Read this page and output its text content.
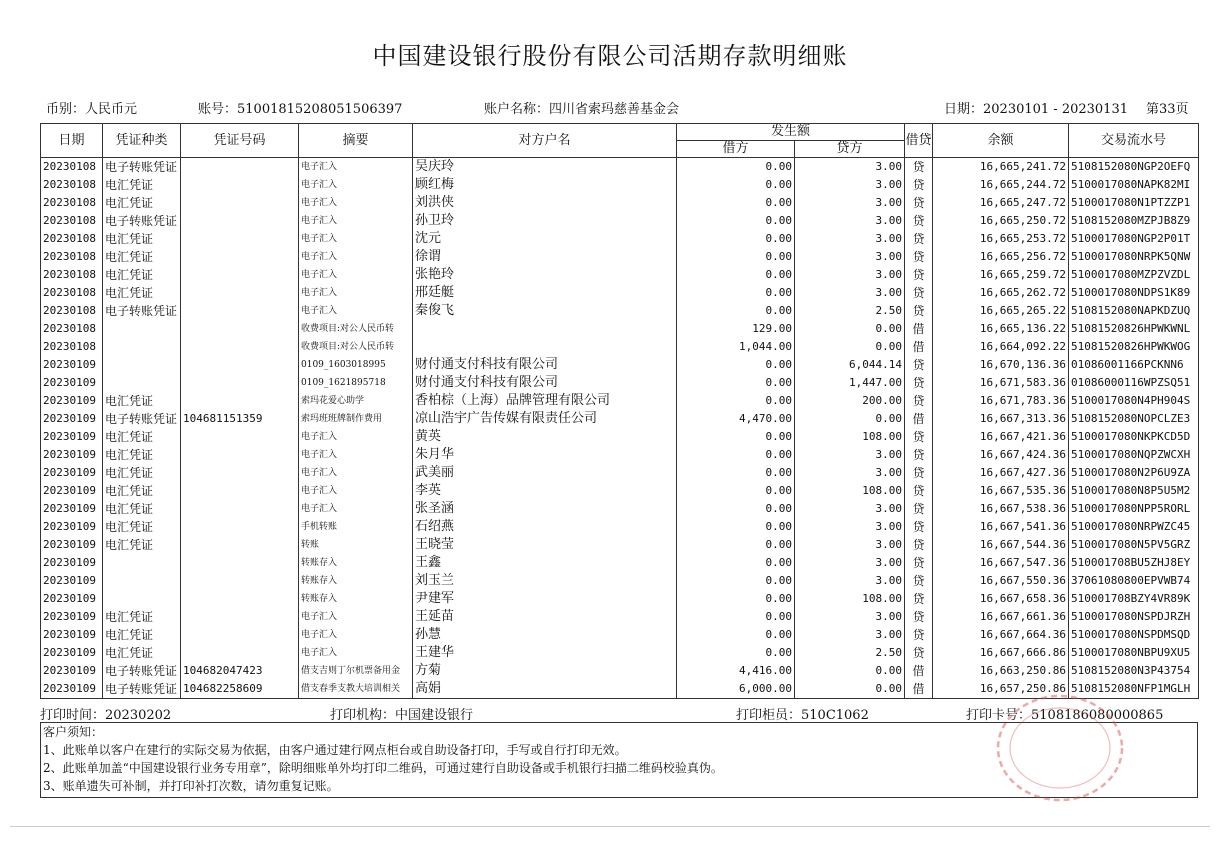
中国建设银行股份有限公司活期存款明细账
币别：人民币元	账号：51001815208051506397	账户名称：四川省索玛慈善基金会	日期：20230101 - 20230131 第33页
日期	凭证种类	凭证号码	摘要	对方户名	发生额		借贷	余额	交易流水号
					借方	贷方			
20230108	电子转账凭证		电子汇入	吴庆玲	0.00	3.00	贷	16,665,241.72	5108152080NGP2OEFQ
20230108	电汇凭证		电子汇入	顾红梅	0.00	3.00	贷	16,665,244.72	5100017080NAPK82MI
20230108	电汇凭证		电子汇入	刘洪侠	0.00	3.00	贷	16,665,247.72	5100017080N1PTZZP1
20230108	电子转账凭证		电子汇入	孙卫玲	0.00	3.00	贷	16,665,250.72	5108152080MZPJB8Z9
20230108	电汇凭证		电子汇入	沈元	0.00	3.00	贷	16,665,253.72	5100017080NGP2P01T
20230108	电汇凭证		电子汇入	徐谓	0.00	3.00	贷	16,665,256.72	5100017080NRPK5QNW
20230108	电汇凭证		电子汇入	张艳玲	0.00	3.00	贷	16,665,259.72	5100017080MZPZVZDL
20230108	电汇凭证		电子汇入	邢廷艇	0.00	3.00	贷	16,665,262.72	5100017080NDPS1K89
20230108	电子转账凭证		电子汇入	秦俊飞	0.00	2.50	贷	16,665,265.22	5108152080NAPKDZUQ
20230108			收费项目:对公人民币转		129.00	0.00	借	16,665,136.22	51081520826HPWKWNL
20230108			收费项目:对公人民币转		1,044.00	0.00	借	16,664,092.22	51081520826HPWKWOG
20230109			0109_1603018995	财付通支付科技有限公司	0.00	6,044.14	贷	16,670,136.36	01086001166PCKNN6
20230109			0109_1621895718	财付通支付科技有限公司	0.00	1,447.00	贷	16,671,583.36	01086000116WPZSQ51
20230109	电汇凭证		索玛花爱心助学	香柏棕（上海）品牌管理有限公司	0.00	200.00	贷	16,671,783.36	5100017080N4PH904S
20230109	电子转账凭证	104681151359	索玛班班牌制作费用	凉山浩宇广告传媒有限责任公司	4,470.00	0.00	借	16,667,313.36	5108152080NOPCLZE3
20230109	电汇凭证		电子汇入	黄英	0.00	108.00	贷	16,667,421.36	5100017080NKPKCD5D
20230109	电汇凭证		电子汇入	朱月华	0.00	3.00	贷	16,667,424.36	5100017080NQPZWCXH
20230109	电汇凭证		电子汇入	武美丽	0.00	3.00	贷	16,667,427.36	5100017080N2P6U9ZA
20230109	电汇凭证		电子汇入	李英	0.00	108.00	贷	16,667,535.36	5100017080N8P5U5M2
20230109	电汇凭证		电子汇入	张圣涵	0.00	3.00	贷	16,667,538.36	5100017080NPP5RORL
20230109	电汇凭证		手机转账	石绍燕	0.00	3.00	贷	16,667,541.36	5100017080NRPWZC45
20230109	电汇凭证		转账	王晓莹	0.00	3.00	贷	16,667,544.36	5100017080N5PV5GRZ
20230109			转账存入	王鑫	0.00	3.00	贷	16,667,547.36	510001708BU5ZHJ8EY
20230109			转账存入	刘玉兰	0.00	3.00	贷	16,667,550.36	37061080800EPVWB74
20230109			转账存入	尹建军	0.00	108.00	贷	16,667,658.36	510001708BZY4VR89K
20230109	电汇凭证		电子汇入	王延苗	0.00	3.00	贷	16,667,661.36	5100017080NSPDJRZH
20230109	电汇凭证		电子汇入	孙慧	0.00	3.00	贷	16,667,664.36	5100017080NSPDMSQD
20230109	电汇凭证		电子汇入	王建华	0.00	2.50	贷	16,667,666.86	5100017080NBPU9XU5
20230109	电子转账凭证	104682047423	借支吉则丁尔机票备用金	方菊	4,416.00	0.00	借	16,663,250.86	5108152080N3P43754
20230109	电子转账凭证	104682258609	借支春季支教大培训相关	高娟	6,000.00	0.00	借	16,657,250.86	5108152080NFP1MGLH
打印时间：20230202	打印机构：中国建设银行	打印柜员：510C1062	打印卡号：5108186080000865
客户须知：
1、此账单以客户在建行的实际交易为依据，由客户通过建行网点柜台或自助设备打印，手写或自行打印无效。
2、此账单加盖“中国建设银行业务专用章”，除明细账单外均打印二维码，可通过建行自助设备或手机银行扫描二维码校验真伪。
3、账单遗失可补制，并打印补打次数，请勿重复记账。
